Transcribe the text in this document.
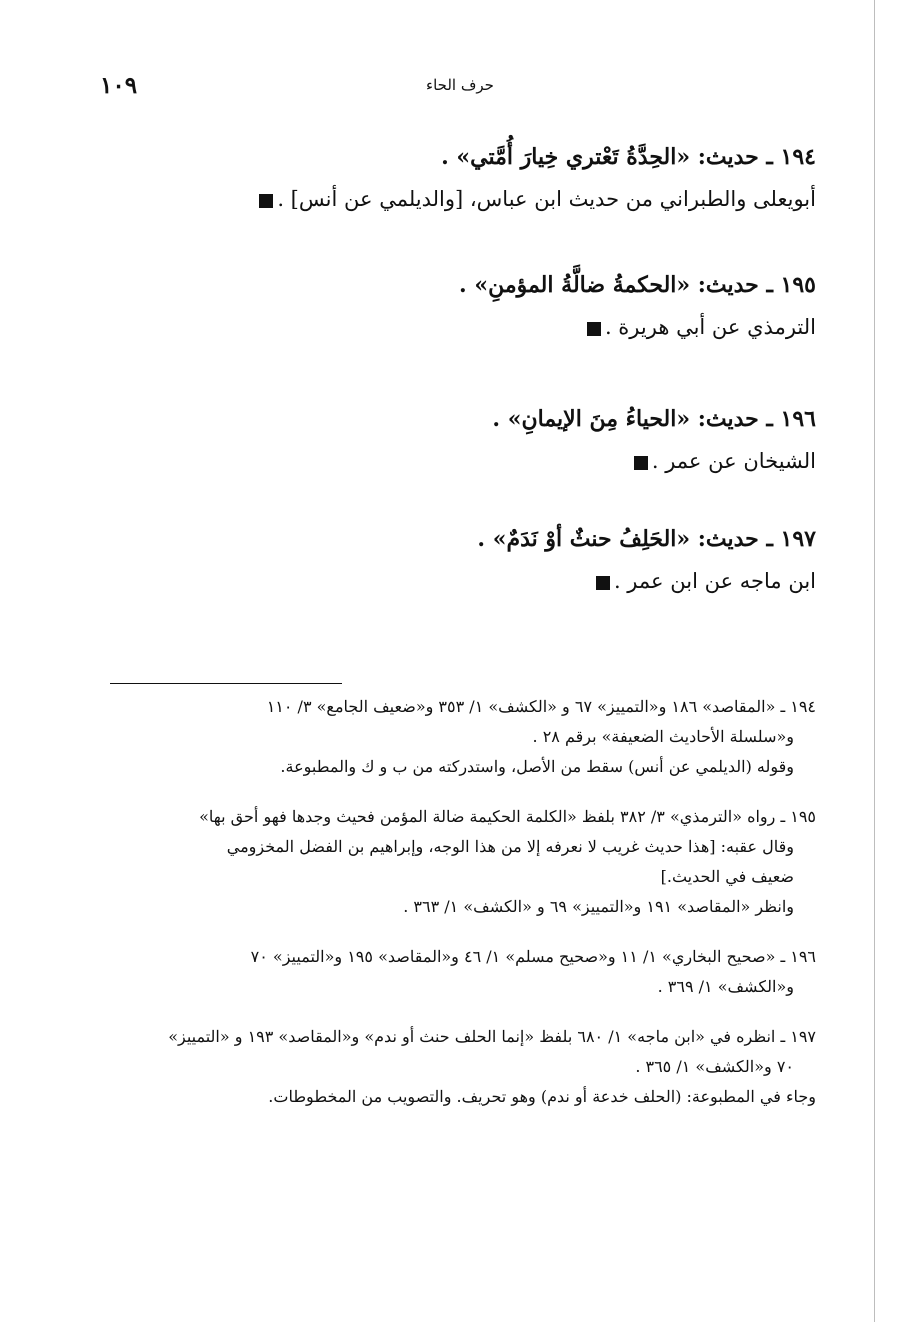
حرف الحاء
١٠٩
١٩٤ ـ حديث: «الحِدَّةُ تَعْتري خِيارَ أُمَّتي» .
أبويعلى والطبراني من حديث ابن عباس، [والديلمي عن أنس] .
١٩٥ ـ حديث: «الحكمةُ ضالَّةُ المؤمنِ» .
الترمذي عن أبي هريرة .
١٩٦ ـ حديث: «الحياءُ مِنَ الإيمانِ» .
الشيخان عن عمر .
١٩٧ ـ حديث: «الحَلِفُ حنثٌ أوْ نَدَمٌ» .
ابن ماجه عن ابن عمر .
١٩٤ ـ «المقاصد» ١٨٦ و«التمييز» ٦٧ و «الكشف» ١/ ٣٥٣ و«ضعيف الجامع» ٣/ ١١٠
و«سلسلة الأحاديث الضعيفة» برقم ٢٨ .
وقوله (الديلمي عن أنس) سقط من الأصل، واستدركته من ب و ك والمطبوعة.
١٩٥ ـ رواه «الترمذي» ٣/ ٣٨٢ بلفظ «الكلمة الحكيمة ضالة المؤمن فحيث وجدها فهو أحق بها»
وقال عقبه: [هذا حديث غريب لا نعرفه إلا من هذا الوجه، وإبراهيم بن الفضل المخزومي
ضعيف في الحديث.]
وانظر «المقاصد» ١٩١ و«التمييز» ٦٩ و «الكشف» ١/ ٣٦٣ .
١٩٦ ـ «صحيح البخاري» ١/ ١١ و«صحيح مسلم» ١/ ٤٦ و«المقاصد» ١٩٥ و«التمييز» ٧٠
و«الكشف» ١/ ٣٦٩ .
١٩٧ ـ انظره في «ابن ماجه» ١/ ٦٨٠ بلفظ «إنما الحلف حنث أو ندم» و«المقاصد» ١٩٣ و «التمييز»
٧٠ و«الكشف» ١/ ٣٦٥ .
وجاء في المطبوعة: (الحلف خدعة أو ندم) وهو تحريف. والتصويب من المخطوطات.
